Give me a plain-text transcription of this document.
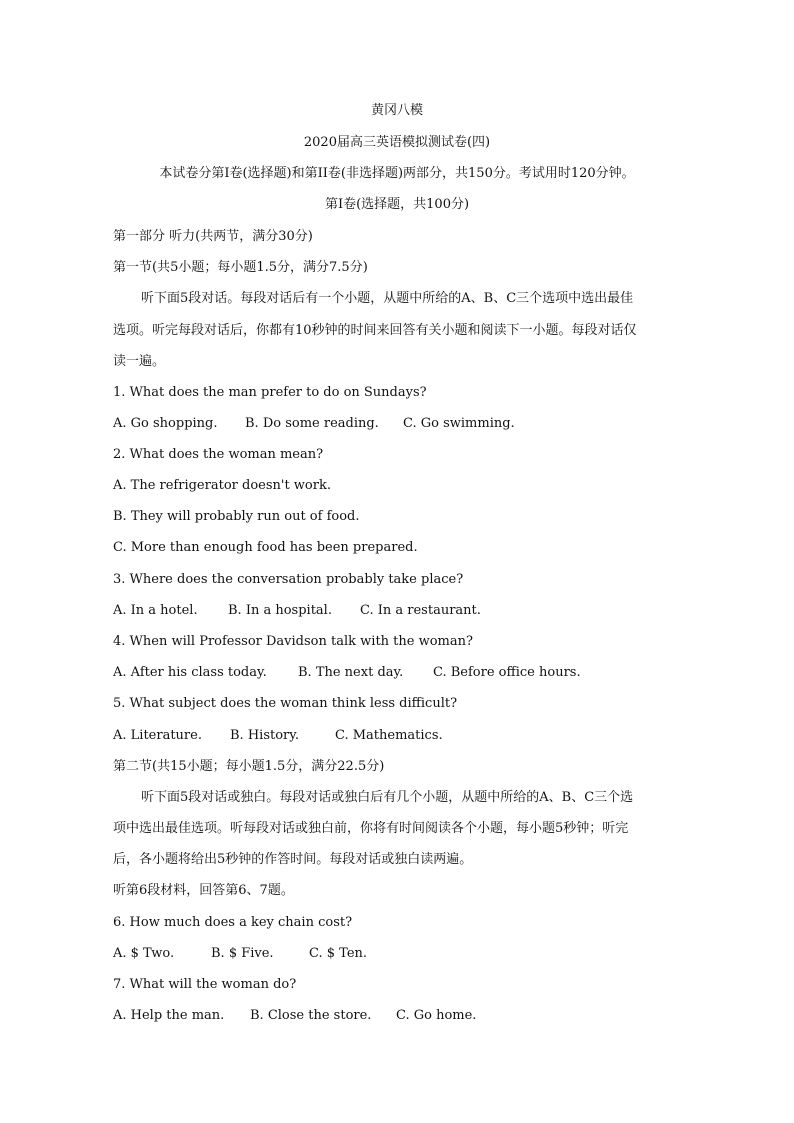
黄冈八模
2020届高三英语模拟测试卷(四)
本试卷分第I卷(选择题)和第II卷(非选择题)两部分，共150分。考试用时120分钟。
第I卷(选择题，共100分)
第一部分 听力(共两节，满分30分)
第一节(共5小题；每小题1.5分，满分7.5分)
听下面5段对话。每段对话后有一个小题，从题中所给的A、B、C三个选项中选出最佳
选项。听完每段对话后，你都有10秒钟的时间来回答有关小题和阅读下一小题。每段对话仅
读一遍。
1. What does the man prefer to do on Sundays?
A. Go shopping. B. Do some reading. C. Go swimming.
2. What does the woman mean?
A. The refrigerator doesn't work.
B. They will probably run out of food.
C. More than enough food has been prepared.
3. Where does the conversation probably take place?
A. In a hotel. B. In a hospital. C. In a restaurant.
4. When will Professor Davidson talk with the woman?
A. After his class today. B. The next day. C. Before office hours.
5. What subject does the woman think less difficult?
A. Literature. B. History.	C. Mathematics.
第二节(共15小题；每小题1.5分，满分22.5分)
听下面5段对话或独白。每段对话或独白后有几个小题，从题中所给的A、B、C三个选
项中选出最佳选项。听每段对话或独白前，你将有时间阅读各个小题，每小题5秒钟；听完
后，各小题将给出5秒钟的作答时间。每段对话或独白读两遍。
听第6段材料，回答第6、7题。
6. How much does a key chain cost?
A. $ Two.	B. $ Five.	C. $ Ten.
7. What will the woman do?
A. Help the man. B. Close the store. C. Go home.
